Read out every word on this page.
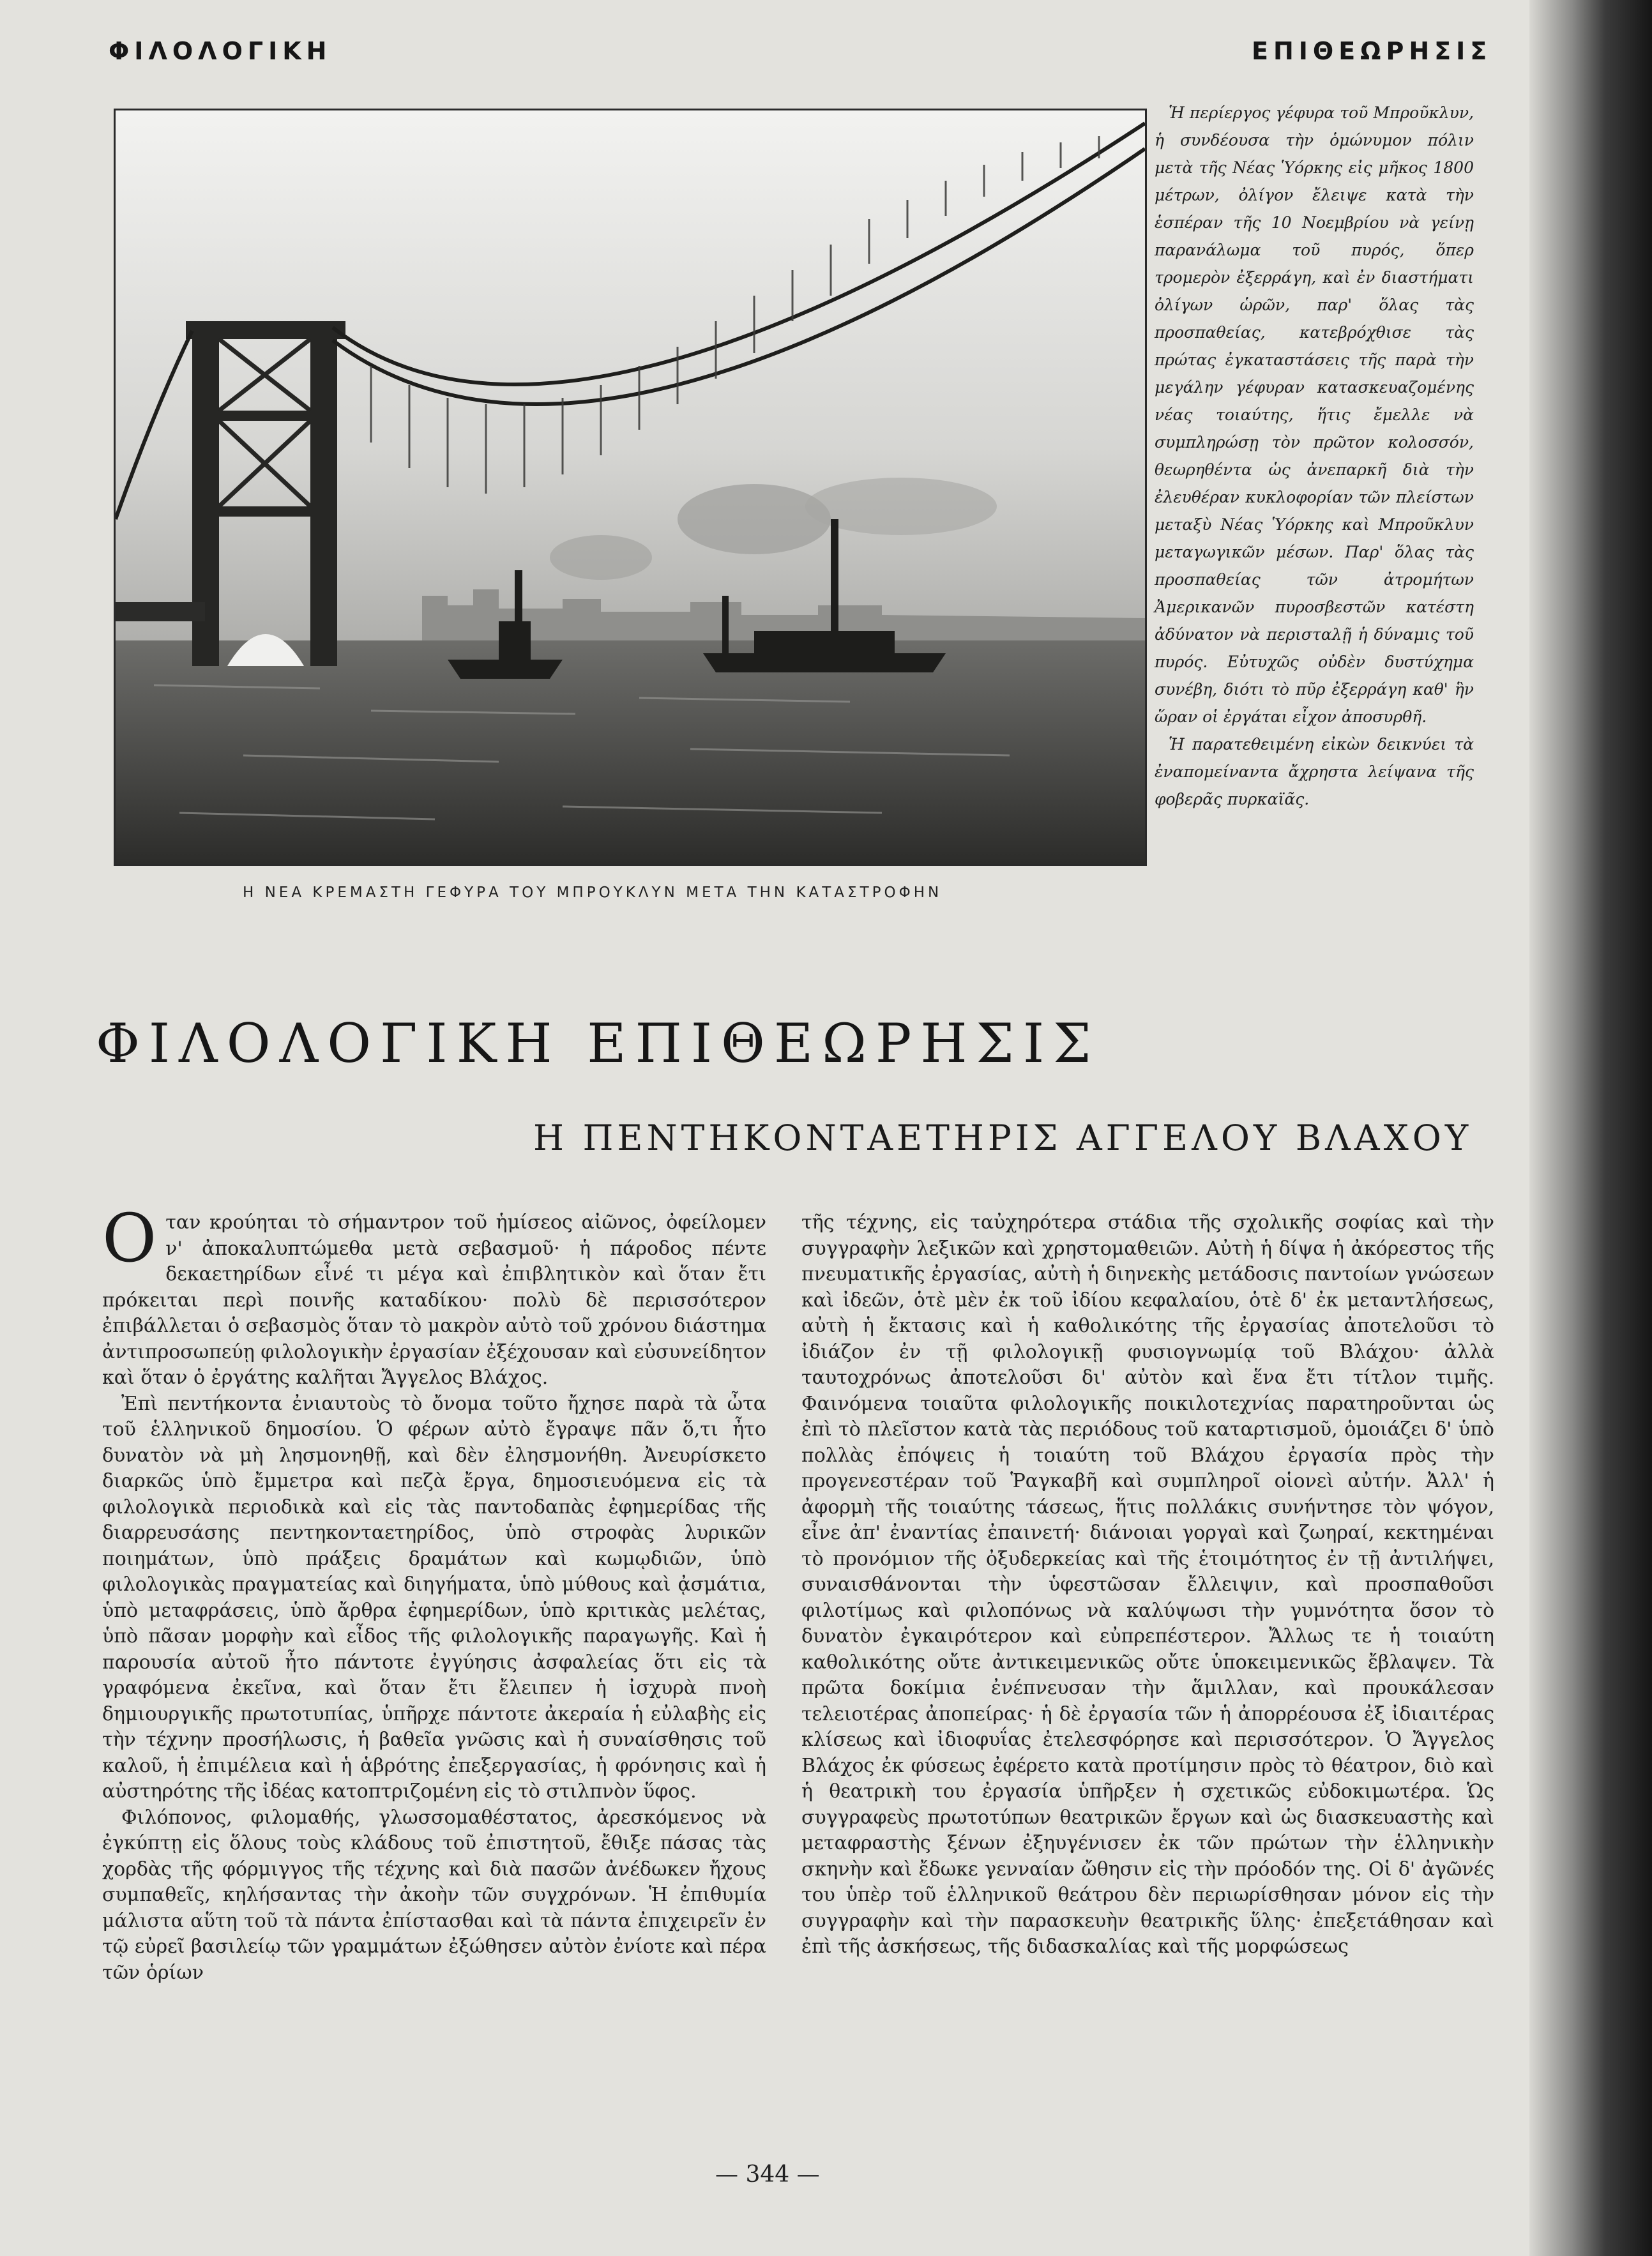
ΦΙΛΟΛΟΓΙΚΗ	ΕΠΙΘΕΩΡΗΣΙΣ
Η ΝΕΑ ΚΡΕΜΑΣΤΗ ΓΕΦΥΡΑ ΤΟΥ ΜΠΡΟΥΚΛΥΝ ΜΕΤΑ ΤΗΝ ΚΑΤΑΣΤΡΟΦΗΝ

Ἡ περίεργος γέφυρα τοῦ Μπροῦκλυν, ἡ συνδέουσα τὴν ὁμώνυμον πόλιν μετὰ τῆς Νέας Ὑόρκης εἰς μῆκος 1800 μέτρων, ὀλίγον ἔλειψε κατὰ τὴν ἑσπέραν τῆς 10 Νοεμβρίου νὰ γείνῃ παρανάλωμα τοῦ πυρός, ὅπερ τρομερὸν ἐξερράγη, καὶ ἐν διαστήματι ὀλίγων ὡρῶν, παρ' ὅλας τὰς προσπαθείας, κατεβρόχθισε τὰς πρώτας ἐγκαταστάσεις τῆς παρὰ τὴν μεγάλην γέφυραν κατασκευαζομένης νέας τοιαύτης, ἥτις ἔμελλε νὰ συμπληρώσῃ τὸν πρῶτον κολοσσόν, θεωρηθέντα ὡς ἀνεπαρκῆ διὰ τὴν ἐλευθέραν κυκλοφορίαν τῶν πλείστων μεταξὺ Νέας Ὑόρκης καὶ Μπροῦκλυν μεταγωγικῶν μέσων. Παρ' ὅλας τὰς προσπαθείας τῶν ἀτρομήτων Ἀμερικανῶν πυροσβεστῶν κατέστη ἀδύνατον νὰ περισταλῇ ἡ δύναμις τοῦ πυρός. Εὐτυχῶς οὐδὲν δυστύχημα συνέβη, διότι τὸ πῦρ ἐξερράγη καθ' ἣν ὥραν οἱ ἐργάται εἶχον ἀποσυρθῆ.

Ἡ παρατεθειμένη εἰκὼν δεικνύει τὰ ἐναπομείναντα ἄχρηστα λείψανα τῆς φοβερᾶς πυρκαϊᾶς.

ΦΙΛΟΛΟΓΙΚΗ ΕΠΙΘΕΩΡΗΣΙΣ
Η ΠΕΝΤΗΚΟΝΤΑΕΤΗΡΙΣ ΑΓΓΕΛΟΥ ΒΛΑΧΟΥ

Οταν κρούηται τὸ σήμαντρον τοῦ ἡμίσεος αἰῶνος, ὀφείλομεν ν' ἀποκαλυπτώμεθα μετὰ σεβασμοῦ· ἡ πάροδος πέντε δεκαετηρίδων εἶνέ τι μέγα καὶ ἐπιβλητικὸν καὶ ὅταν ἔτι πρόκειται περὶ ποινῆς καταδίκου· πολὺ δὲ περισσότερον ἐπιβάλλεται ὁ σεβασμὸς ὅταν τὸ μακρὸν αὐτὸ τοῦ χρόνου διάστημα ἀντιπροσωπεύῃ φιλολογικὴν ἐργασίαν ἐξέχουσαν καὶ εὐσυνείδητον καὶ ὅταν ὁ ἐργάτης καλῆται Ἄγγελος Βλάχος.

Ἐπὶ πεντήκοντα ἐνιαυτοὺς τὸ ὄνομα τοῦτο ἤχησε παρὰ τὰ ὦτα τοῦ ἑλληνικοῦ δημοσίου. Ὁ φέρων αὐτὸ ἔγραψε πᾶν ὅ,τι ἦτο δυνατὸν νὰ μὴ λησμονηθῇ, καὶ δὲν ἐλησμονήθη. Ἀνευρίσκετο διαρκῶς ὑπὸ ἔμμετρα καὶ πεζὰ ἔργα, δημοσιευόμενα εἰς τὰ φιλολογικὰ περιοδικὰ καὶ εἰς τὰς παντοδαπὰς ἐφημερίδας τῆς διαρρευσάσης πεντηκονταετηρίδος, ὑπὸ στροφὰς λυρικῶν ποιημάτων, ὑπὸ πράξεις δραμάτων καὶ κωμῳδιῶν, ὑπὸ φιλολογικὰς πραγματείας καὶ διηγήματα, ὑπὸ μύθους καὶ ᾀσμάτια, ὑπὸ μεταφράσεις, ὑπὸ ἄρθρα ἐφημερίδων, ὑπὸ κριτικὰς μελέτας, ὑπὸ πᾶσαν μορφὴν καὶ εἶδος τῆς φιλολογικῆς παραγωγῆς. Καὶ ἡ παρουσία αὐτοῦ ἦτο πάντοτε ἐγγύησις ἀσφαλείας ὅτι εἰς τὰ γραφόμενα ἐκεῖνα, καὶ ὅταν ἔτι ἔλειπεν ἡ ἰσχυρὰ πνοὴ δημιουργικῆς πρωτοτυπίας, ὑπῆρχε πάντοτε ἀκεραία ἡ εὐλαβὴς εἰς τὴν τέχνην προσήλωσις, ἡ βαθεῖα γνῶσις καὶ ἡ συναίσθησις τοῦ καλοῦ, ἡ ἐπιμέλεια καὶ ἡ ἁβρότης ἐπεξεργασίας, ἡ φρόνησις καὶ ἡ αὐστηρότης τῆς ἰδέας κατοπτριζομένη εἰς τὸ στιλπνὸν ὕφος.

Φιλόπονος, φιλομαθής, γλωσσομαθέστατος, ἀρεσκόμενος νὰ ἐγκύπτῃ εἰς ὅλους τοὺς κλάδους τοῦ ἐπιστητοῦ, ἔθιξε πάσας τὰς χορδὰς τῆς φόρμιγγος τῆς τέχνης καὶ διὰ πασῶν ἀνέδωκεν ἤχους συμπαθεῖς, κηλήσαντας τὴν ἀκοὴν τῶν συγχρόνων. Ἡ ἐπιθυμία μάλιστα αὕτη τοῦ τὰ πάντα ἐπίστασθαι καὶ τὰ πάντα ἐπιχειρεῖν ἐν τῷ εὐρεῖ βασιλείῳ τῶν γραμμάτων ἐξώθησεν αὐτὸν ἐνίοτε καὶ πέρα τῶν ὁρίων

τῆς τέχνης, εἰς ταὐχηρότερα στάδια τῆς σχολικῆς σοφίας καὶ τὴν συγγραφὴν λεξικῶν καὶ χρηστομαθειῶν. Αὐτὴ ἡ δίψα ἡ ἀκόρεστος τῆς πνευματικῆς ἐργασίας, αὐτὴ ἡ διηνεκὴς μετάδοσις παντοίων γνώσεων καὶ ἰδεῶν, ὁτὲ μὲν ἐκ τοῦ ἰδίου κεφαλαίου, ὁτὲ δ' ἐκ μεταντλήσεως, αὐτὴ ἡ ἔκτασις καὶ ἡ καθολικότης τῆς ἐργασίας ἀποτελοῦσι τὸ ἰδιάζον ἐν τῇ φιλολογικῇ φυσιογνωμίᾳ τοῦ Βλάχου· ἀλλὰ ταυτοχρόνως ἀποτελοῦσι δι' αὐτὸν καὶ ἕνα ἔτι τίτλον τιμῆς. Φαινόμενα τοιαῦτα φιλολογικῆς ποικιλοτεχνίας παρατηροῦνται ὡς ἐπὶ τὸ πλεῖστον κατὰ τὰς περιόδους τοῦ καταρτισμοῦ, ὁμοιάζει δ' ὑπὸ πολλὰς ἐπόψεις ἡ τοιαύτη τοῦ Βλάχου ἐργασία πρὸς τὴν προγενεστέραν τοῦ Ῥαγκαβῆ καὶ συμπληροῖ οἱονεὶ αὐτήν. Ἀλλ' ἡ ἀφορμὴ τῆς τοιαύτης τάσεως, ἥτις πολλάκις συνήντησε τὸν ψόγον, εἶνε ἀπ' ἐναντίας ἐπαινετή· διάνοιαι γοργαὶ καὶ ζωηραί, κεκτημέναι τὸ προνόμιον τῆς ὀξυδερκείας καὶ τῆς ἑτοιμότητος ἐν τῇ ἀντιλήψει, συναισθάνονται τὴν ὑφεστῶσαν ἔλλειψιν, καὶ προσπαθοῦσι φιλοτίμως καὶ φιλοπόνως νὰ καλύψωσι τὴν γυμνότητα ὅσον τὸ δυνατὸν ἐγκαιρότερον καὶ εὐπρεπέστερον. Ἄλλως τε ἡ τοιαύτη καθολικότης οὔτε ἀντικειμενικῶς οὔτε ὑποκειμενικῶς ἔβλαψεν. Τὰ πρῶτα δοκίμια ἐνέπνευσαν τὴν ἅμιλλαν, καὶ προυκάλεσαν τελειοτέρας ἀποπείρας· ἡ δὲ ἐργασία τῶν ἡ ἀπορρέουσα ἐξ ἰδιαιτέρας κλίσεως καὶ ἰδιοφυΐας ἐτελεσφόρησε καὶ περισσότερον. Ὁ Ἄγγελος Βλάχος ἐκ φύσεως ἐφέρετο κατὰ προτίμησιν πρὸς τὸ θέατρον, διὸ καὶ ἡ θεατρικὴ του ἐργασία ὑπῆρξεν ἡ σχετικῶς εὐδοκιμωτέρα. Ὡς συγγραφεὺς πρωτοτύπων θεατρικῶν ἔργων καὶ ὡς διασκευαστὴς καὶ μεταφραστὴς ξένων ἐξηυγένισεν ἐκ τῶν πρώτων τὴν ἑλληνικὴν σκηνὴν καὶ ἔδωκε γενναίαν ὤθησιν εἰς τὴν πρόοδόν της. Οἱ δ' ἀγῶνές του ὑπὲρ τοῦ ἑλληνικοῦ θεάτρου δὲν περιωρίσθησαν μόνον εἰς τὴν συγγραφὴν καὶ τὴν παρασκευὴν θεατρικῆς ὕλης· ἐπεξετάθησαν καὶ ἐπὶ τῆς ἀσκήσεως, τῆς διδασκαλίας καὶ τῆς μορφώσεως

— 344 —
